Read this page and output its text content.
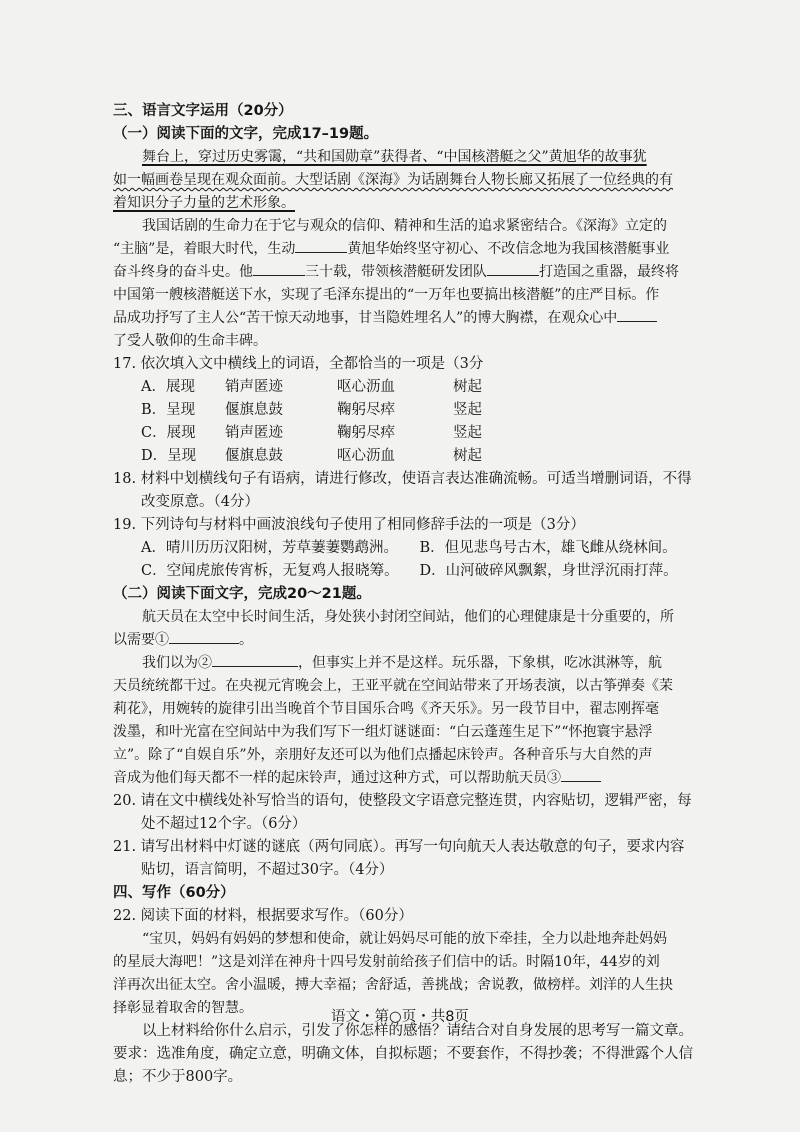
三、语言文字运用（20分）
（一）阅读下面的文字，完成17–19题。
舞台上，穿过历史雾霭，“共和国勋章”获得者、“中国核潜艇之父”黄旭华的故事犹
如一幅画卷呈现在观众面前。大型话剧《深海》为话剧舞台人物长廊又拓展了一位经典的有
着知识分子力量的艺术形象。
我国话剧的生命力在于它与观众的信仰、精神和生活的追求紧密结合。《深海》立定的
“主脑”是，着眼大时代，生动	黄旭华始终坚守初心、不改信念地为我国核潜艇事业
奋斗终身的奋斗史。他	三十载，带领核潜艇研发团队	打造国之重器，最终将
中国第一艘核潜艇送下水，实现了毛泽东提出的“一万年也要搞出核潜艇”的庄严目标。作
品成功抒写了主人公“苦干惊天动地事，甘当隐姓埋名人”的博大胸襟，在观众心中
了受人敬仰的生命丰碑。
17. 依次填入文中横线上的词语，全都恰当的一项是（3分
A．展现	销声匿迹	呕心沥血	树起
B．呈现	偃旗息鼓	鞠躬尽瘁	竖起
C．展现	销声匿迹	鞠躬尽瘁	竖起
D．呈现	偃旗息鼓	呕心沥血	树起
18. 材料中划横线句子有语病，请进行修改，使语言表达准确流畅。可适当增删词语，不得
改变原意。（4分）
19. 下列诗句与材料中画波浪线句子使用了相同修辞手法的一项是（3分）
A．晴川历历汉阳树，芳草萋萋鹦鹉洲。	B．但见悲鸟号古木，雄飞雌从绕林间。
C．空闻虎旅传宵柝，无复鸡人报晓筹。	D．山河破碎风飘絮，身世浮沉雨打萍。
（二）阅读下面文字，完成20～21题。
航天员在太空中长时间生活，身处狭小封闭空间站，他们的心理健康是十分重要的，所
以需要①	。
我们以为②	，但事实上并不是这样。玩乐器，下象棋，吃冰淇淋等，航
天员统统都干过。在央视元宵晚会上，王亚平就在空间站带来了开场表演，以古筝弹奏《茉
莉花》，用婉转的旋律引出当晚首个节目国乐合鸣《齐天乐》。另一段节目中，翟志刚挥毫
泼墨，和叶光富在空间站中为我们写下一组灯谜谜面：“白云蓬莲生足下”“怀抱寰宇悬浮
立”。除了“自娱自乐”外，亲朋好友还可以为他们点播起床铃声。各种音乐与大自然的声
音成为他们每天都不一样的起床铃声，通过这种方式，可以帮助航天员③
20. 请在文中横线处补写恰当的语句，使整段文字语意完整连贯，内容贴切，逻辑严密，每
处不超过12个字。（6分）
21. 请写出材料中灯谜的谜底（两句同底）。再写一句向航天人表达敬意的句子，要求内容
贴切，语言简明，不超过30字。（4分）
四、写作（60分）
22. 阅读下面的材料，根据要求写作。（60分）
“宝贝，妈妈有妈妈的梦想和使命，就让妈妈尽可能的放下牵挂，全力以赴地奔赴妈妈
的星辰大海吧！”这是刘洋在神舟十四号发射前给孩子们信中的话。时隔10年，44岁的刘
洋再次出征太空。舍小温暖，搏大幸福；舍舒适，善挑战；舍说教，做榜样。刘洋的人生抉
择彰显着取舍的智慧。
以上材料给你什么启示，引发了你怎样的感悟？请结合对自身发展的思考写一篇文章。
要求：选准角度，确定立意，明确文体，自拟标题；不要套作，不得抄袭；不得泄露个人信
息；不少于800字。
语文・第○页・共8页
